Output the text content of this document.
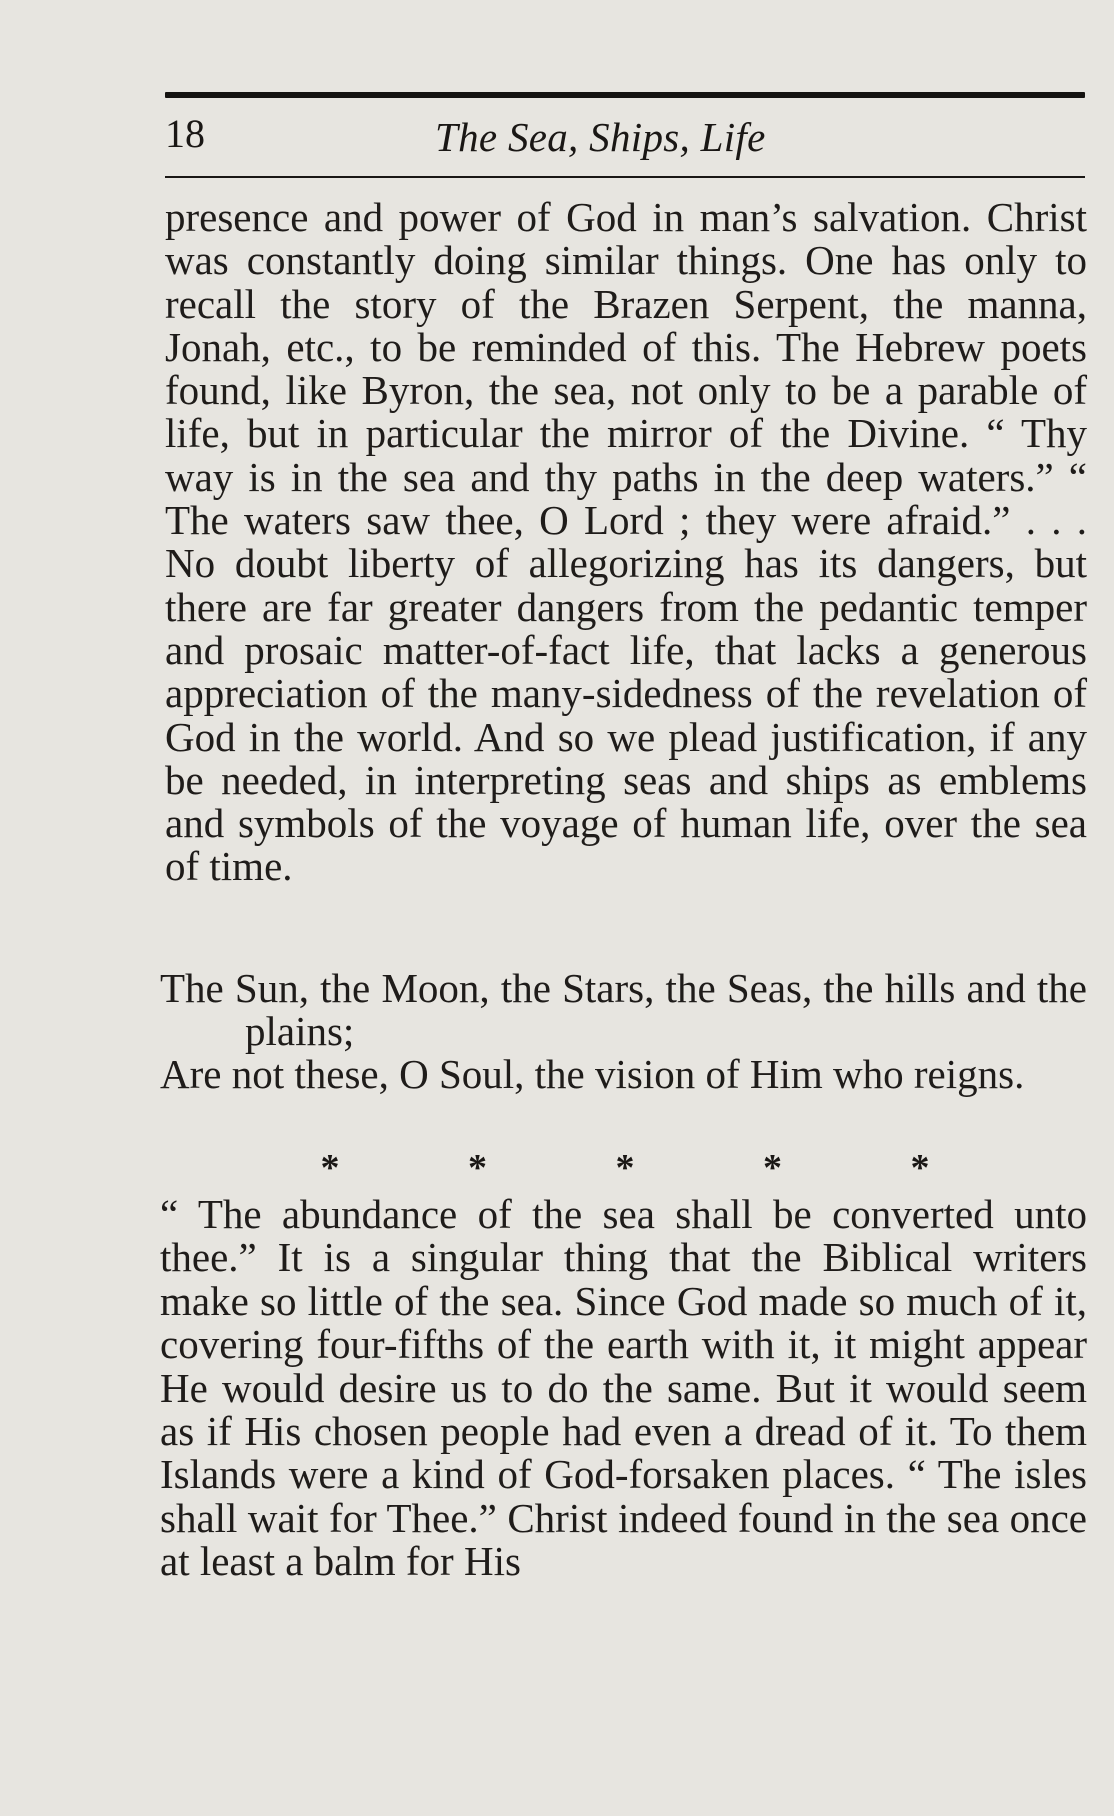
18	The Sea, Ships, Life

presence and power of God in man’s salvation. Christ was constantly doing similar things. One has only to recall the story of the Brazen Serpent, the manna, Jonah, etc., to be reminded of this. The Hebrew poets found, like Byron, the sea, not only to be a parable of life, but in particular the mirror of the Divine. “ Thy way is in the sea and thy paths in the deep waters.” “ The waters saw thee, O Lord ; they were afraid.” . . . No doubt liberty of allegorizing has its dangers, but there are far greater dangers from the pedantic temper and prosaic matter-of-fact life, that lacks a generous appreciation of the many-sidedness of the revelation of God in the world. And so we plead justification, if any be needed, in interpreting seas and ships as emblems and symbols of the voyage of human life, over the sea of time.

The Sun, the Moon, the Stars, the Seas, the hills and the plains;
Are not these, O Soul, the vision of Him who reigns.
*	*	*	*	*

“ The abundance of the sea shall be converted unto thee.” It is a singular thing that the Biblical writers make so little of the sea. Since God made so much of it, covering four-fifths of the earth with it, it might appear He would desire us to do the same. But it would seem as if His chosen people had even a dread of it. To them Islands were a kind of God-forsaken places. “ The isles shall wait for Thee.” Christ indeed found in the sea once at least a balm for His
